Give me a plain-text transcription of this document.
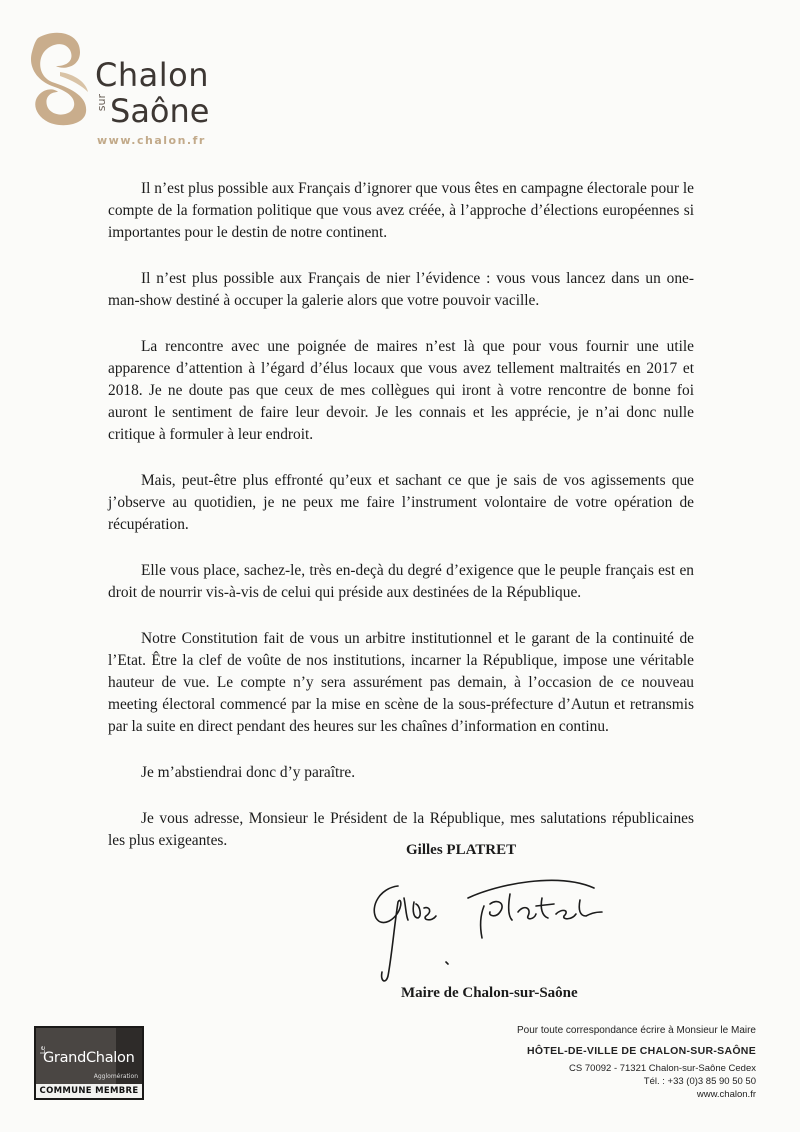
Chalon
sur Saône
www.chalon.fr

Il n’est plus possible aux Français d’ignorer que vous êtes en campagne électorale pour le compte de la formation politique que vous avez créée, à l’approche d’élections européennes si importantes pour le destin de notre continent.

Il n’est plus possible aux Français de nier l’évidence : vous vous lancez dans un one-man-show destiné à occuper la galerie alors que votre pouvoir vacille.

La rencontre avec une poignée de maires n’est là que pour vous fournir une utile apparence d’attention à l’égard d’élus locaux que vous avez tellement maltraités en 2017 et 2018. Je ne doute pas que ceux de mes collègues qui iront à votre rencontre de bonne foi auront le sentiment de faire leur devoir. Je les connais et les apprécie, je n’ai donc nulle critique à formuler à leur endroit.

Mais, peut-être plus effronté qu’eux et sachant ce que je sais de vos agissements que j’observe au quotidien, je ne peux me faire l’instrument volontaire de votre opération de récupération.

Elle vous place, sachez-le, très en-deçà du degré d’exigence que le peuple français est en droit de nourrir vis-à-vis de celui qui préside aux destinées de la République.

Notre Constitution fait de vous un arbitre institutionnel et le garant de la continuité de l’Etat. Être la clef de voûte de nos institutions, incarner la République, impose une véritable hauteur de vue. Le compte n’y sera assurément pas demain, à l’occasion de ce nouveau meeting électoral commencé par la mise en scène de la sous-préfecture d’Autun et retransmis par la suite en direct pendant des heures sur les chaînes d’information en continu.

Je m’abstiendrai donc d’y paraître.

Je vous adresse, Monsieur le Président de la République, mes salutations républicaines les plus exigeantes.

Gilles PLATRET
Maire de Chalon-sur-Saône
Le
GrandChalon
Agglomération
COMMUNE MEMBRE
Pour toute correspondance écrire à Monsieur le Maire
HÔTEL-DE-VILLE DE CHALON-SUR-SAÔNE
CS 70092 - 71321 Chalon-sur-Saône Cedex
Tél. : +33 (0)3 85 90 50 50
www.chalon.fr
